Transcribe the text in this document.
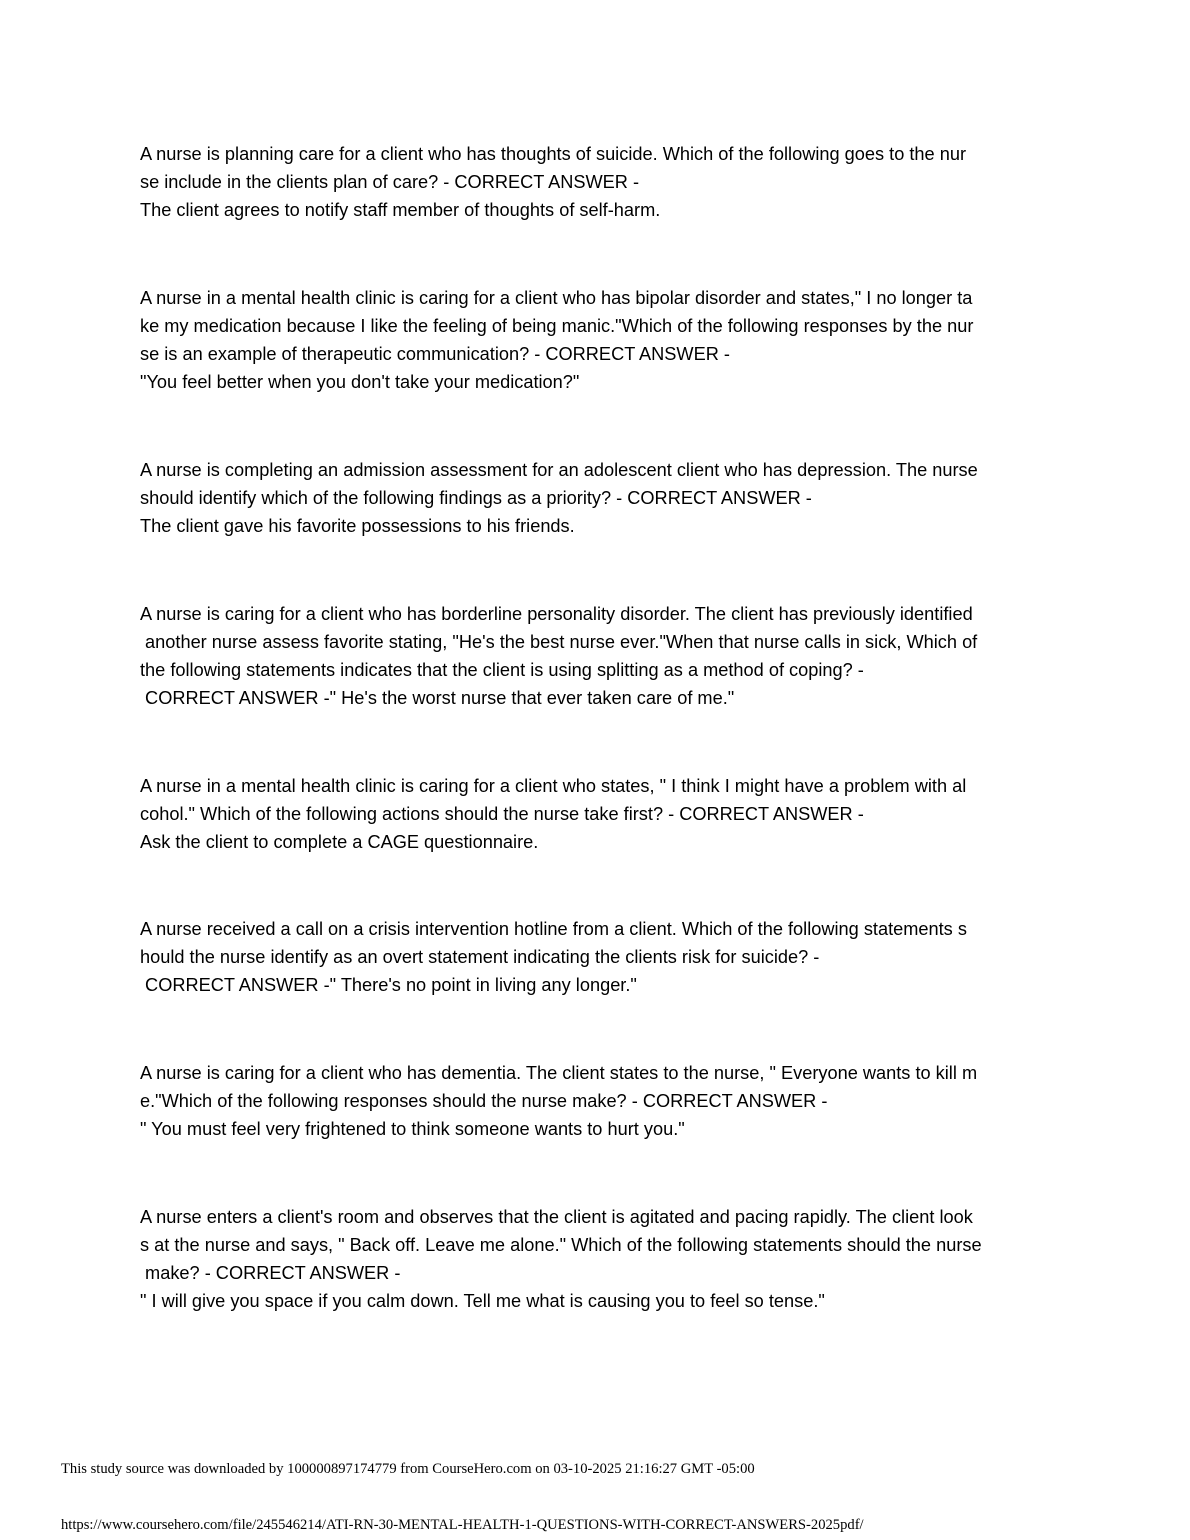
A nurse is planning care for a client who has thoughts of suicide. Which of the following goes to the nur

se include in the clients plan of care? - CORRECT ANSWER -

The client agrees to notify staff member of thoughts of self-harm.

A nurse in a mental health clinic is caring for a client who has bipolar disorder and states," I no longer ta

ke my medication because I like the feeling of being manic."Which of the following responses by the nur

se is an example of therapeutic communication? - CORRECT ANSWER -

"You feel better when you don't take your medication?"

A nurse is completing an admission assessment for an adolescent client who has depression. The nurse

should identify which of the following findings as a priority? - CORRECT ANSWER -

The client gave his favorite possessions to his friends.

A nurse is caring for a client who has borderline personality disorder. The client has previously identified

another nurse assess favorite stating, "He's the best nurse ever."When that nurse calls in sick, Which of

the following statements indicates that the client is using splitting as a method of coping? -

CORRECT ANSWER -" He's the worst nurse that ever taken care of me."

A nurse in a mental health clinic is caring for a client who states, " I think I might have a problem with al

cohol." Which of the following actions should the nurse take first? - CORRECT ANSWER -

Ask the client to complete a CAGE questionnaire.

A nurse received a call on a crisis intervention hotline from a client. Which of the following statements s

hould the nurse identify as an overt statement indicating the clients risk for suicide? -

CORRECT ANSWER -" There's no point in living any longer."

A nurse is caring for a client who has dementia. The client states to the nurse, " Everyone wants to kill m

e."Which of the following responses should the nurse make? - CORRECT ANSWER -

" You must feel very frightened to think someone wants to hurt you."

A nurse enters a client's room and observes that the client is agitated and pacing rapidly. The client look

s at the nurse and says, " Back off. Leave me alone." Which of the following statements should the nurse

make? - CORRECT ANSWER -

" I will give you space if you calm down. Tell me what is causing you to feel so tense."

This study source was downloaded by 100000897174779 from CourseHero.com on 03-10-2025 21:16:27 GMT -05:00
https://www.coursehero.com/file/245546214/ATI-RN-30-MENTAL-HEALTH-1-QUESTIONS-WITH-CORRECT-ANSWERS-2025pdf/
